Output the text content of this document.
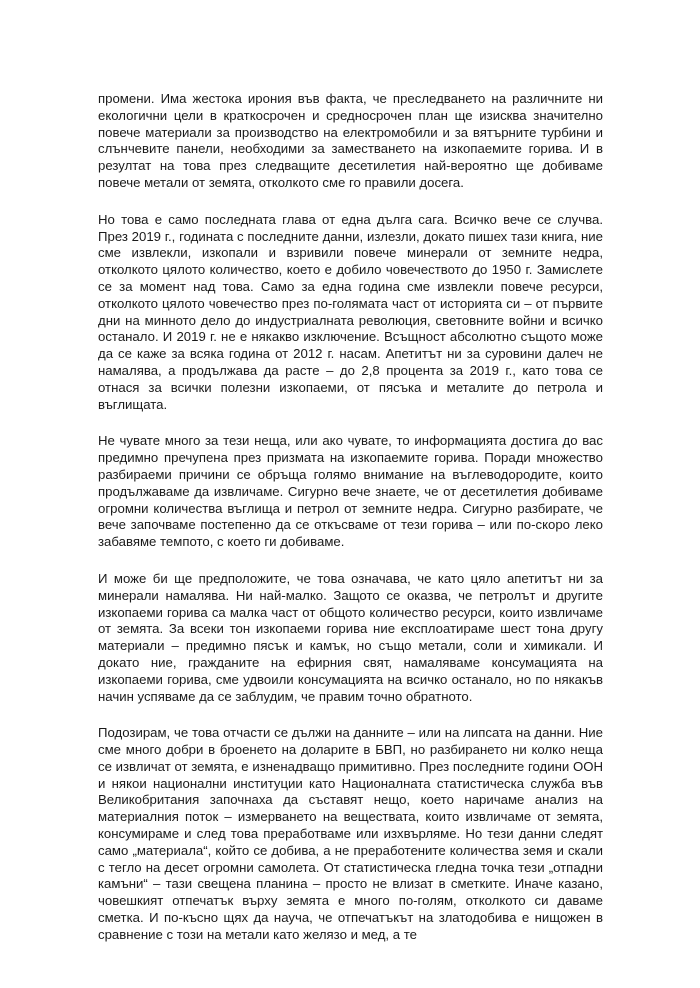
промени. Има жестока ирония във факта, че преследването на различните ни екологични цели в краткосрочен и средносрочен план ще изисква значително повече материали за производство на електромобили и за вятърните турбини и слънчевите панели, необходими за заместването на изкопаемите горива. И в резултат на това през следващите десетилетия най-вероятно ще добиваме повече метали от земята, отколкото сме го правили досега.

Но това е само последната глава от една дълга сага. Всичко вече се случва. През 2019 г., годината с последните данни, излезли, докато пишех тази книга, ние сме извлекли, изкопали и взривили повече минерали от земните недра, отколкото цялото количество, което е добило човечеството до 1950 г. Замислете се за момент над това. Само за една година сме извлекли повече ресурси, отколкото цялото човечество през по-голямата част от историята си – от първите дни на минното дело до индустриалната революция, световните войни и всичко останало. И 2019 г. не е някакво изключение. Всъщност абсолютно същото може да се каже за всяка година от 2012 г. насам. Апетитът ни за суровини далеч не намалява, а продължава да расте – до 2,8 процента за 2019 г., като това се отнася за всички полезни изкопаеми, от пясъка и металите до петрола и въглищата.

Не чувате много за тези неща, или ако чувате, то информацията достига до вас предимно пречупена през призмата на изкопаемите горива. Поради множество разбираеми причини се обръща голямо внимание на въглеводородите, които продължаваме да извличаме. Сигурно вече знаете, че от десетилетия добиваме огромни количества въглища и петрол от земните недра. Сигурно разбирате, че вече започваме постепенно да се откъсваме от тези горива – или по-скоро леко забавяме темпото, с което ги добиваме.

И може би ще предположите, че това означава, че като цяло апетитът ни за минерали намалява. Ни най-малко. Защото се оказва, че петролът и другите изкопаеми горива са малка част от общото количество ресурси, които извличаме от земята. За всеки тон изкопаеми горива ние експлоатираме шест тона другу материали – предимно пясък и камък, но също метали, соли и химикали. И докато ние, гражданите на ефирния свят, намаляваме консумацията на изкопаеми горива, сме удвоили консумацията на всичко останало, но по някакъв начин успяваме да се заблудим, че правим точно обратното.

Подозирам, че това отчасти се дължи на данните – или на липсата на данни. Ние сме много добри в броенето на доларите в БВП, но разбирането ни колко неща се извличат от земята, е изненадващо примитивно. През последните години ООН и някои национални институции като Националната статистическа служба във Великобритания започнаха да съставят нещо, което наричаме анализ на материалния поток – измерването на веществата, които извличаме от земята, консумираме и след това преработваме или изхвърляме. Но тези данни следят само „материала“, който се добива, а не преработените количества земя и скали с тегло на десет огромни самолета. От статистическа гледна точка тези „отпадни камъни“ – тази свещена планина – просто не влизат в сметките. Иначе казано, човешкият отпечатък върху земята е много по-голям, отколкото си даваме сметка. И по-късно щях да науча, че отпечатъкът на златодобива е нищожен в сравнение с този на метали като желязо и мед, а те
